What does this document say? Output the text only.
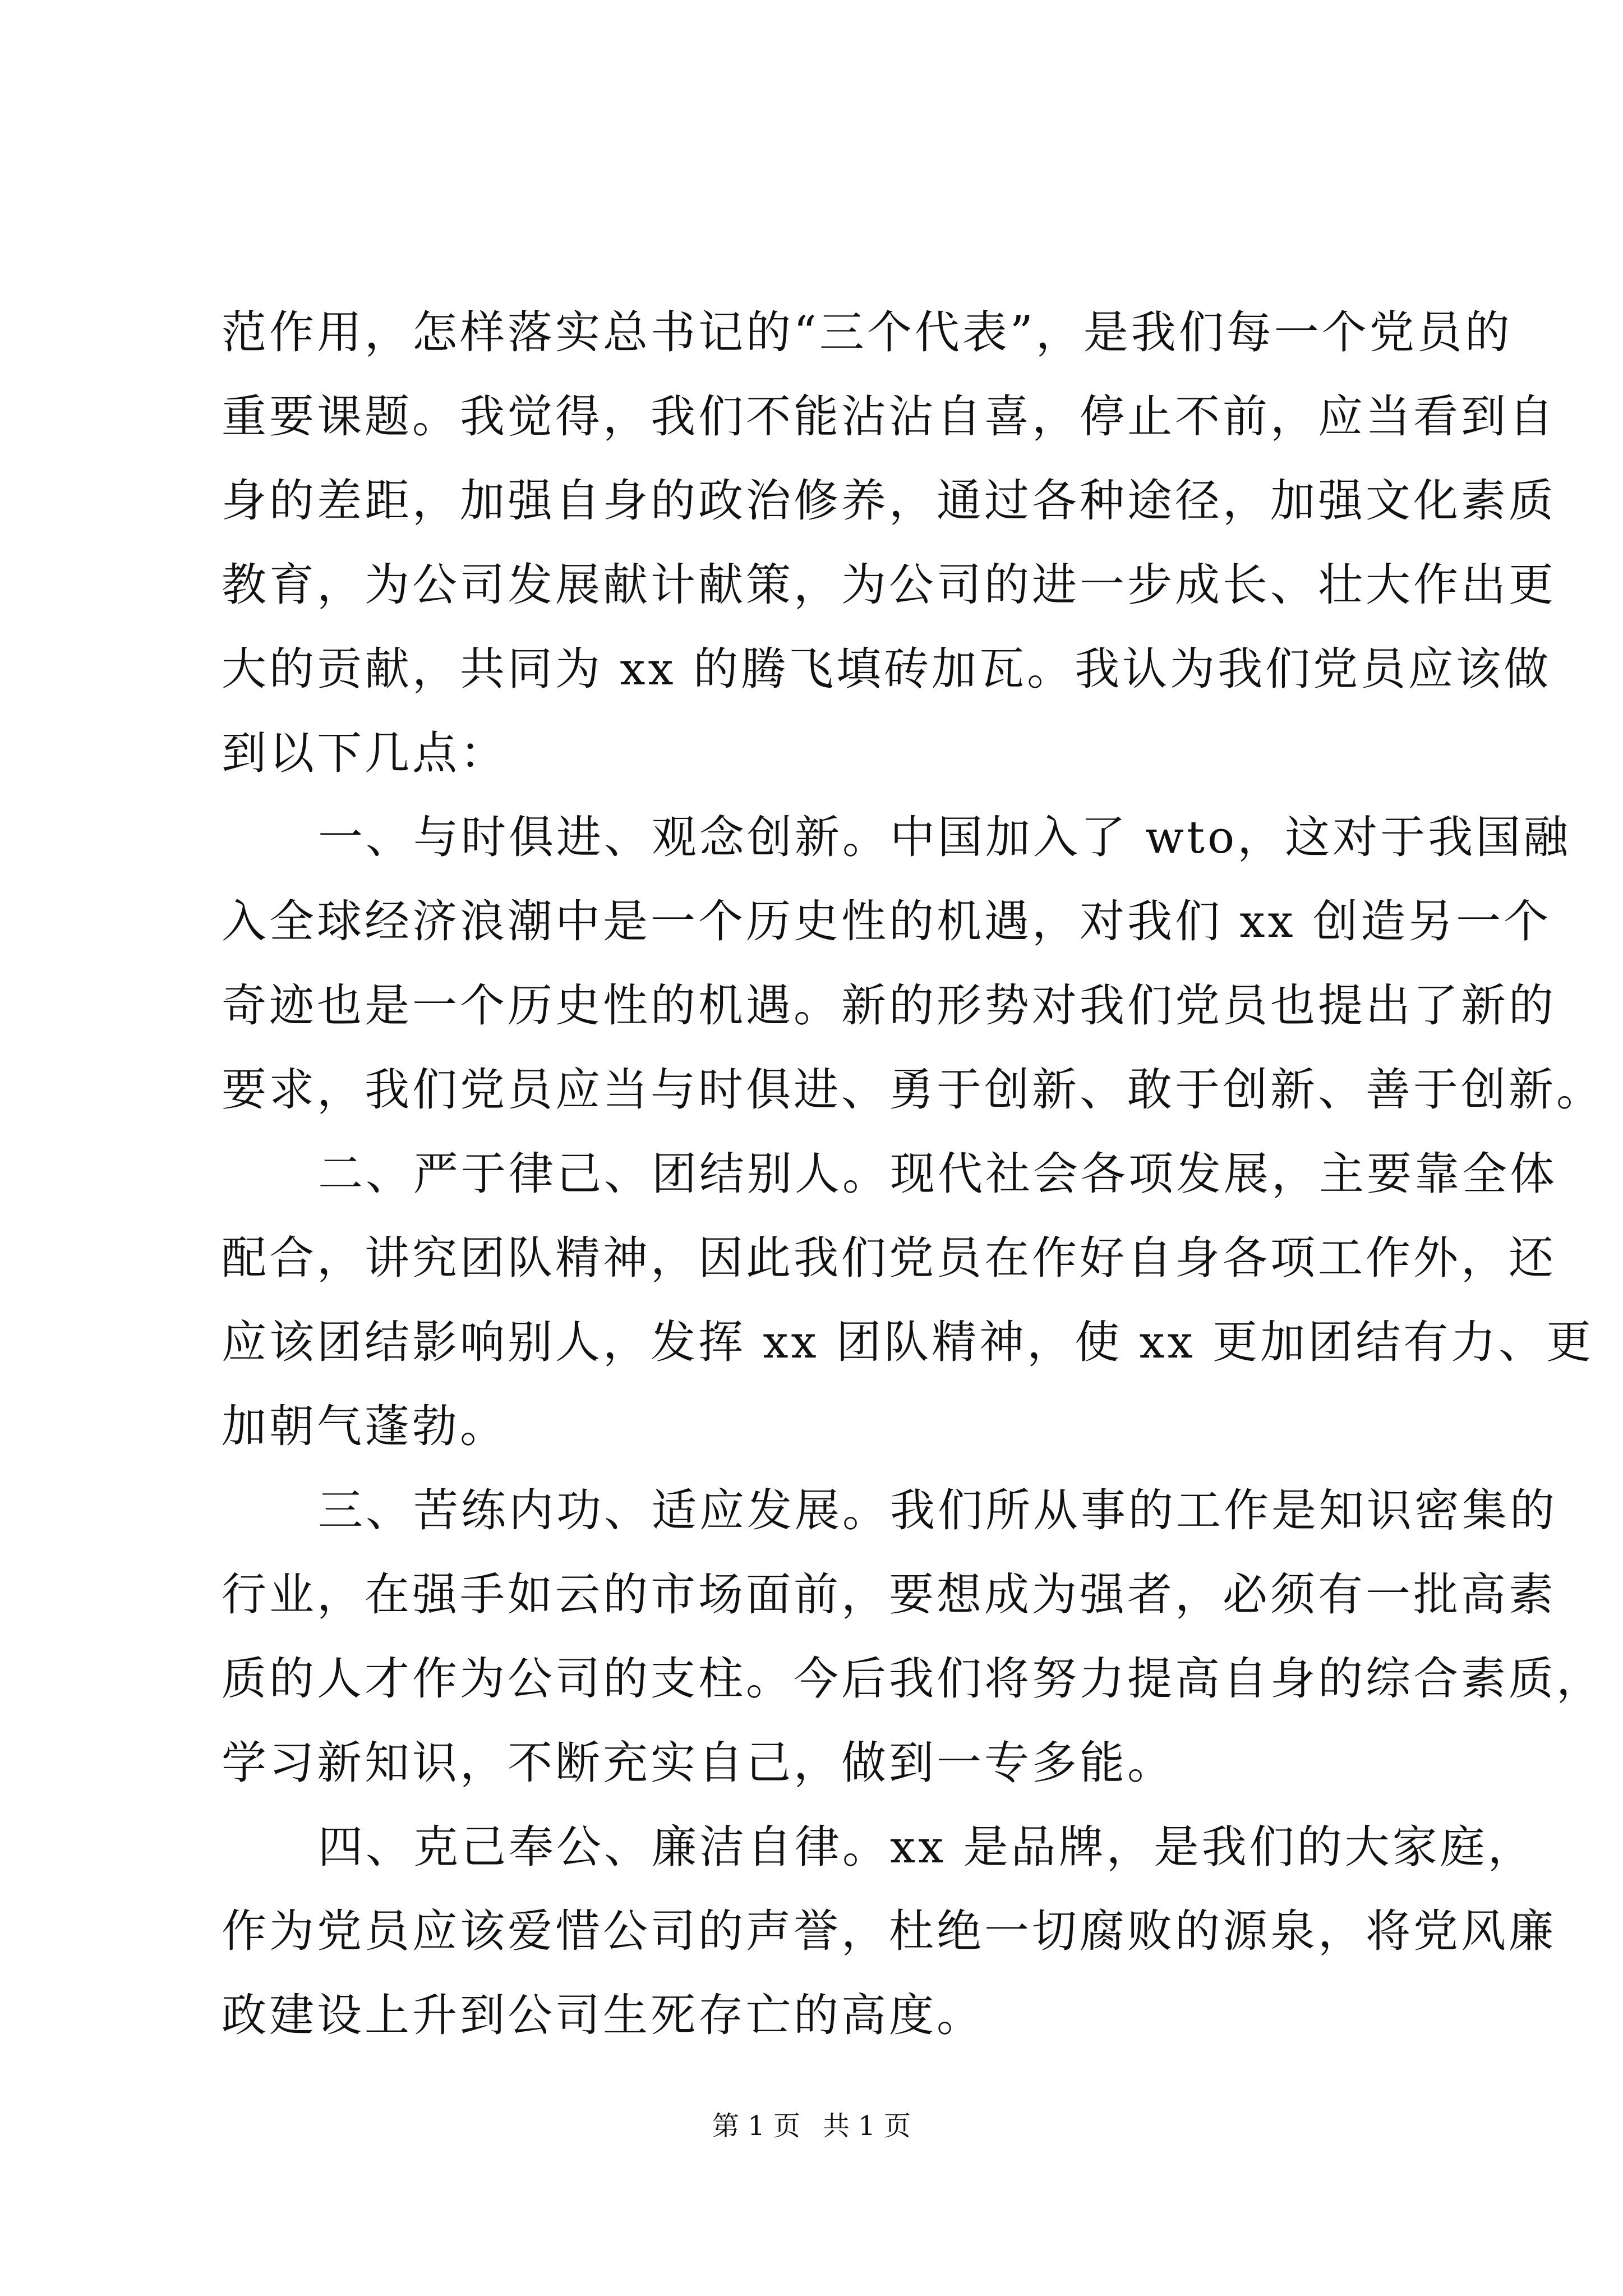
范作用，怎样落实总书记的“三个代表”，是我们每一个党员的
重要课题。我觉得，我们不能沾沾自喜，停止不前，应当看到自
身的差距，加强自身的政治修养，通过各种途径，加强文化素质
教育，为公司发展献计献策，为公司的进一步成长、壮大作出更
大的贡献，共同为 xx 的腾飞填砖加瓦。我认为我们党员应该做
到以下几点：
一、与时俱进、观念创新。中国加入了 wto，这对于我国融
入全球经济浪潮中是一个历史性的机遇，对我们 xx 创造另一个
奇迹也是一个历史性的机遇。新的形势对我们党员也提出了新的
要求，我们党员应当与时俱进、勇于创新、敢于创新、善于创新。
二、严于律己、团结别人。现代社会各项发展，主要靠全体
配合，讲究团队精神，因此我们党员在作好自身各项工作外，还
应该团结影响别人，发挥 xx 团队精神，使 xx 更加团结有力、更
加朝气蓬勃。
三、苦练内功、适应发展。我们所从事的工作是知识密集的
行业，在强手如云的市场面前，要想成为强者，必须有一批高素
质的人才作为公司的支柱。今后我们将努力提高自身的综合素质，
学习新知识，不断充实自己，做到一专多能。
四、克己奉公、廉洁自律。xx 是品牌，是我们的大家庭，
作为党员应该爱惜公司的声誉，杜绝一切腐败的源泉，将党风廉
政建设上升到公司生死存亡的高度。
第 1 页 共 1 页
